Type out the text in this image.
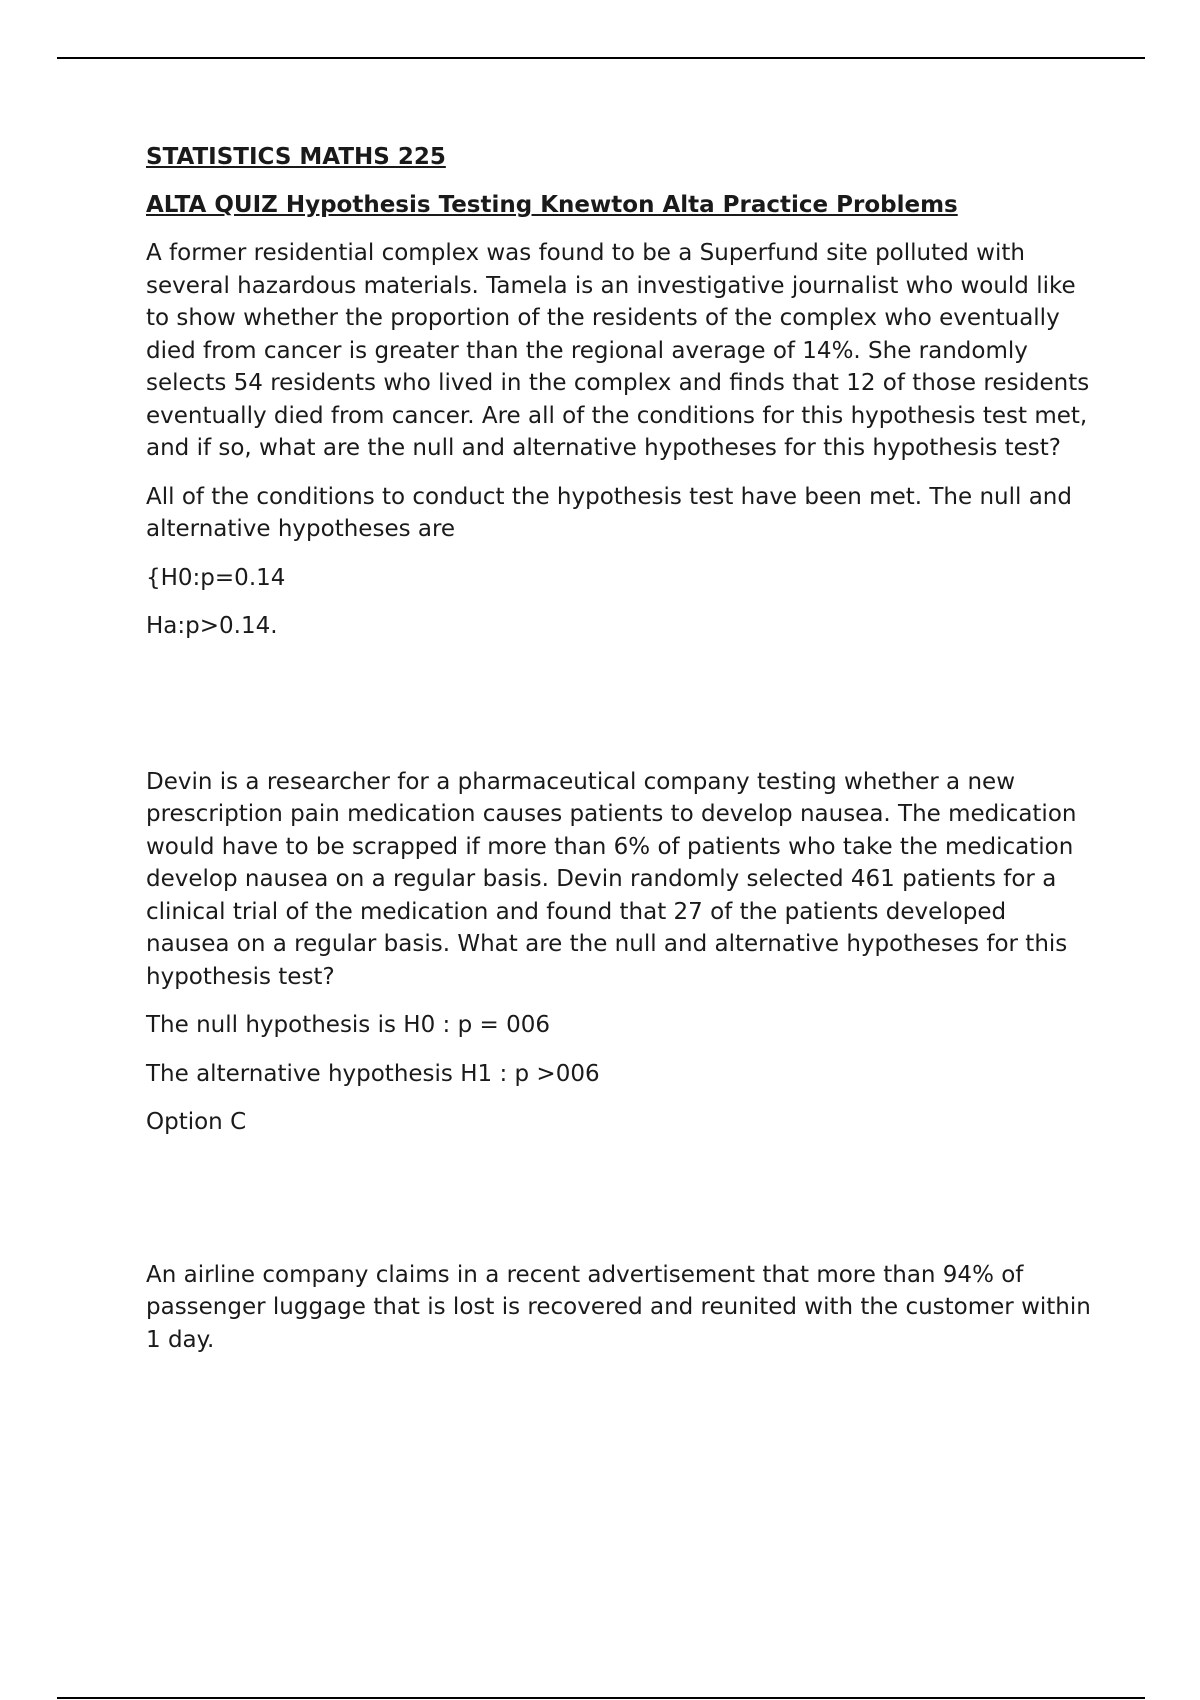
STATISTICS MATHS 225
ALTA QUIZ Hypothesis Testing Knewton Alta Practice Problems
A former residential complex was found to be a Superfund site polluted with several hazardous materials. Tamela is an investigative journalist who would like to show whether the proportion of the residents of the complex who eventually died from cancer is greater than the regional average of 14%. She randomly selects 54 residents who lived in the complex and finds that 12 of those residents eventually died from cancer. Are all of the conditions for this hypothesis test met, and if so, what are the null and alternative hypotheses for this hypothesis test?
All of the conditions to conduct the hypothesis test have been met. The null and alternative hypotheses are
{H0:p=0.14
Ha:p>0.14.
Devin is a researcher for a pharmaceutical company testing whether a new prescription pain medication causes patients to develop nausea. The medication would have to be scrapped if more than 6% of patients who take the medication develop nausea on a regular basis. Devin randomly selected 461 patients for a clinical trial of the medication and found that 27 of the patients developed nausea on a regular basis. What are the null and alternative hypotheses for this hypothesis test?
The null hypothesis is H0 : p = 006
The alternative hypothesis H1 : p >006
Option C
An airline company claims in a recent advertisement that more than 94% of passenger luggage that is lost is recovered and reunited with the customer within 1 day.
